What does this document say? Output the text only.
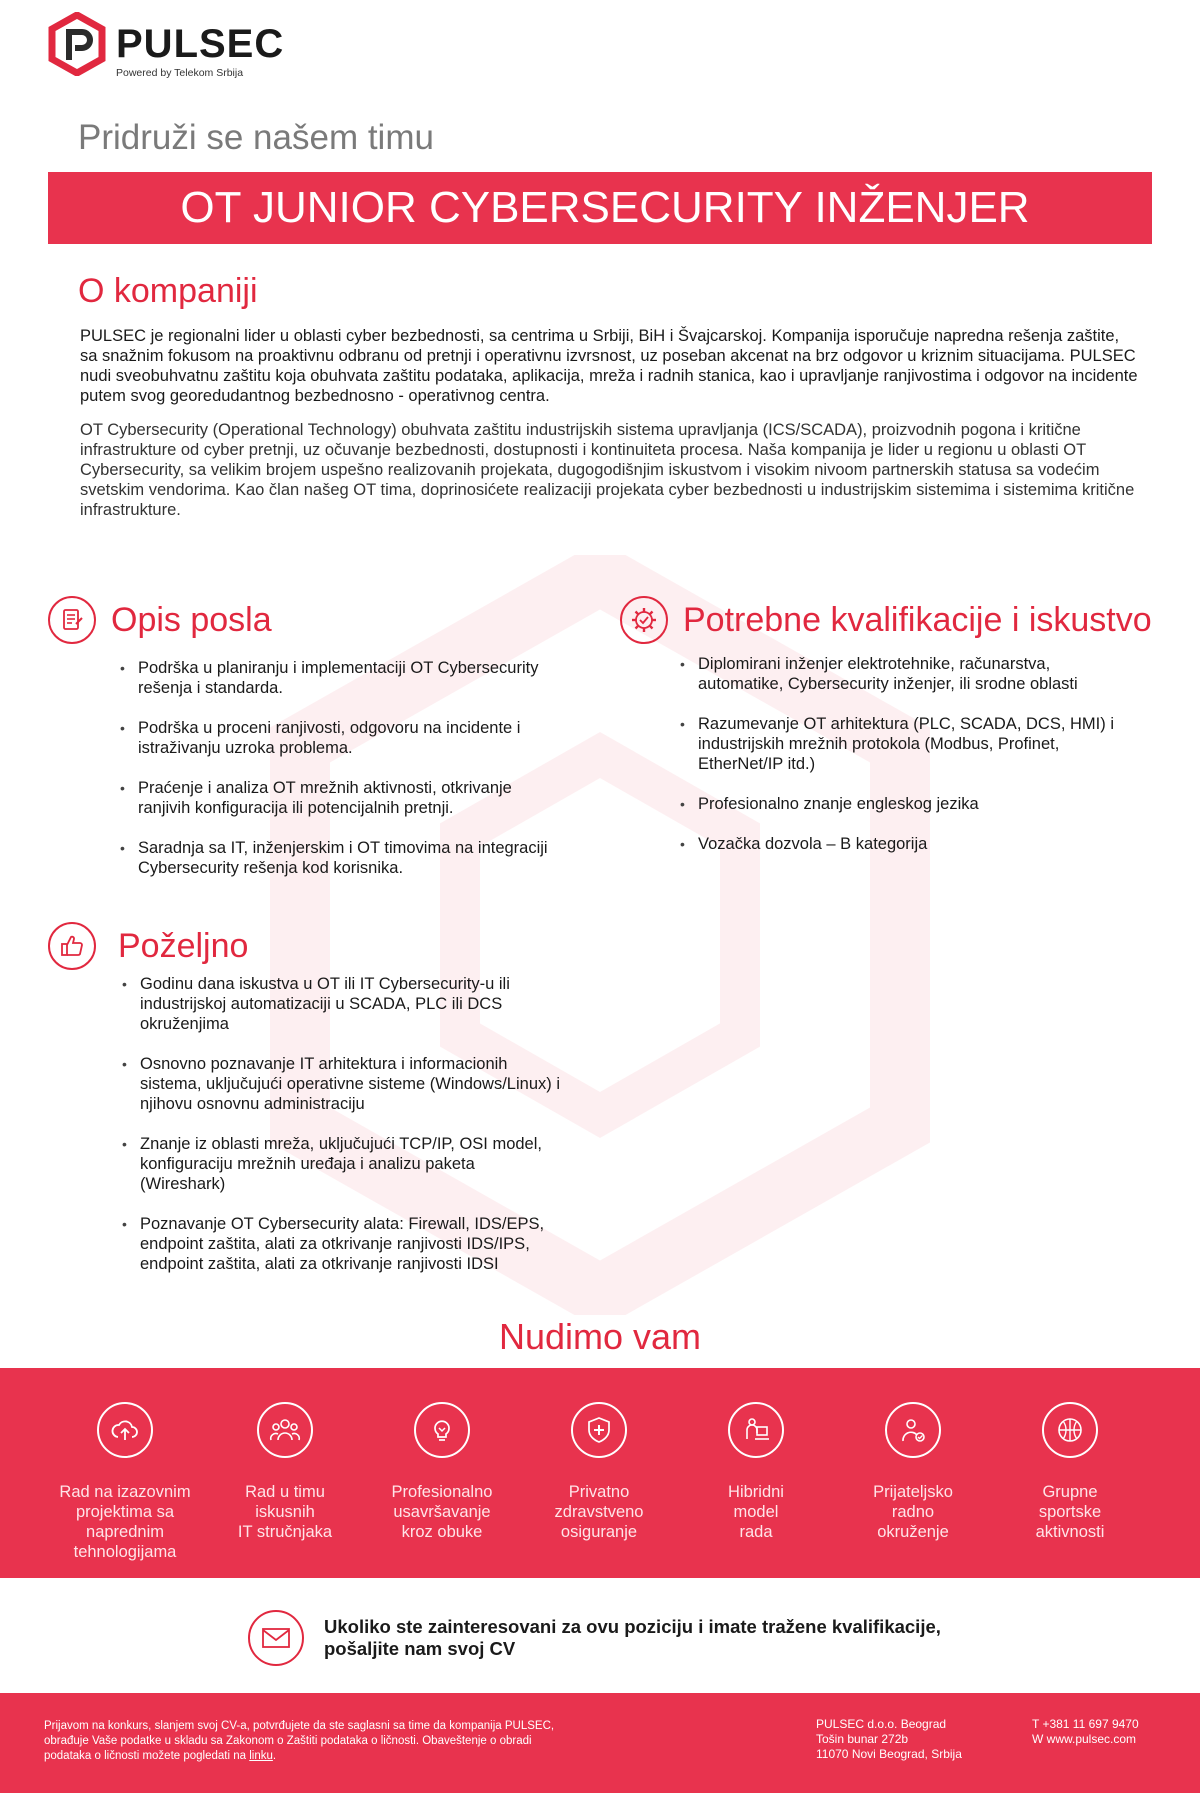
PULSEC
Powered by Telekom Srbija
Pridruži se našem timu
OT JUNIOR CYBERSECURITY INŽENJER
O kompaniji
PULSEC je regionalni lider u oblasti cyber bezbednosti, sa centrima u Srbiji, BiH i Švajcarskoj. Kompanija isporučuje napredna rešenja zaštite, sa snažnim fokusom na proaktivnu odbranu od pretnji i operativnu izvrsnost, uz poseban akcenat na brz odgovor u kriznim situacijama. PULSEC nudi sveobuhvatnu zaštitu koja obuhvata zaštitu podataka, aplikacija, mreža i radnih stanica, kao i upravljanje ranjivostima i odgovor na incidente putem svog georedudantnog bezbednosno - operativnog centra.
OT Cybersecurity (Operational Technology) obuhvata zaštitu industrijskih sistema upravljanja (ICS/SCADA), proizvodnih pogona i kritične infrastrukture od cyber pretnji, uz očuvanje bezbednosti, dostupnosti i kontinuiteta procesa. Naša kompanija je lider u regionu u oblasti OT Cybersecurity, sa velikim brojem uspešno realizovanih projekata, dugogodišnjim iskustvom i visokim nivoom partnerskih statusa sa vodećim svetskim vendorima. Kao član našeg OT tima, doprinosićete realizaciji projekata cyber bezbednosti u industrijskim sistemima i sistemima kritične infrastrukture.
Opis posla
• Podrška u planiranju i implementaciji OT Cybersecurity rešenja i standarda.
• Podrška u proceni ranjivosti, odgovoru na incidente i istraživanju uzroka problema.
• Praćenje i analiza OT mrežnih aktivnosti, otkrivanje ranjivih konfiguracija ili potencijalnih pretnji.
• Saradnja sa IT, inženjerskim i OT timovima na integraciji Cybersecurity rešenja kod korisnika.
Potrebne kvalifikacije i iskustvo
• Diplomirani inženjer elektrotehnike, računarstva, automatike, Cybersecurity inženjer, ili srodne oblasti
• Razumevanje OT arhitektura (PLC, SCADA, DCS, HMI) i industrijskih mrežnih protokola (Modbus, Profinet, EtherNet/IP itd.)
• Profesionalno znanje engleskog jezika
• Vozačka dozvola – B kategorija
Poželjno
• Godinu dana iskustva u OT ili IT Cybersecurity-u ili industrijskoj automatizaciji u SCADA, PLC ili DCS okruženjima
• Osnovno poznavanje IT arhitektura i informacionih sistema, uključujući operativne sisteme (Windows/Linux) i njihovu osnovnu administraciju
• Znanje iz oblasti mreža, uključujući TCP/IP, OSI model, konfiguraciju mrežnih uređaja i analizu paketa (Wireshark)
• Poznavanje OT Cybersecurity alata: Firewall, IDS/EPS, endpoint zaštita, alati za otkrivanje ranjivosti IDS/IPS, endpoint zaštita, alati za otkrivanje ranjivosti IDSI
Nudimo vam
Rad na izazovnim
projektima sa
naprednim
tehnologijama
Rad u timu
iskusnih
IT stručnjaka
Profesionalno
usavršavanje
kroz obuke
Privatno
zdravstveno
osiguranje
Hibridni
model
rada
Prijateljsko
radno
okruženje
Grupne
sportske
aktivnosti
Ukoliko ste zainteresovani za ovu poziciju i imate tražene kvalifikacije,
pošaljite nam svoj CV
Prijavom na konkurs, slanjem svoj CV-a, potvrđujete da ste saglasni sa time da kompanija PULSEC, obrađuje Vaše podatke u skladu sa Zakonom o Zaštiti podataka o ličnosti. Obaveštenje o obradi podataka o ličnosti možete pogledati na linku.
PULSEC d.o.o. Beograd
Tošin bunar 272b
11070 Novi Beograd, Srbija
T +381 11 697 9470
W www.pulsec.com
